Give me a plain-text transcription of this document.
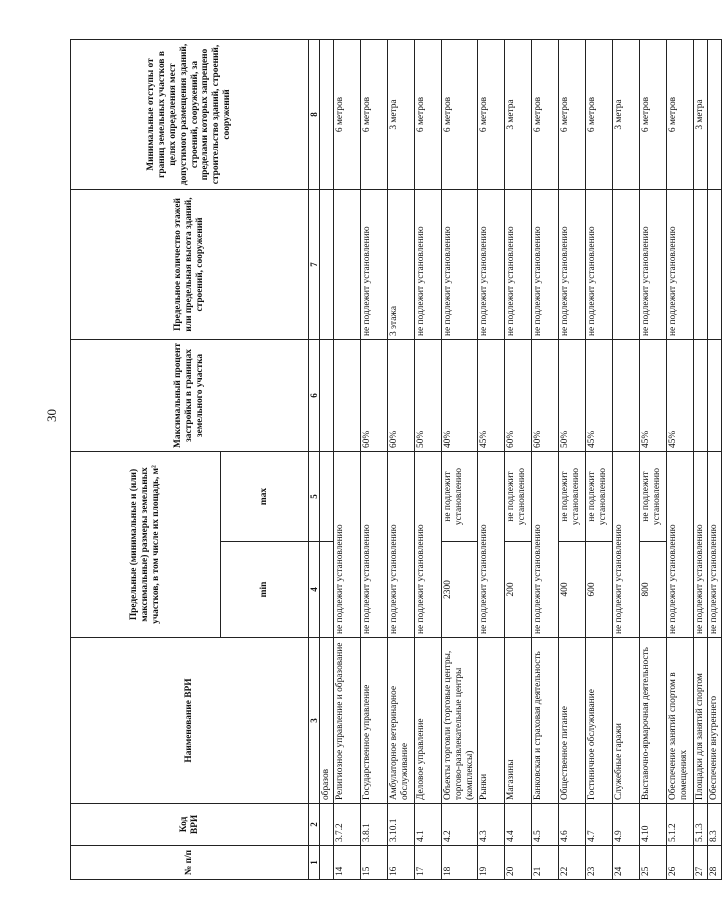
30
№ п/п	Код ВРИ	Наименование ВРИ	Предельные (минимальные и (или) максимальные) размеры земельных участков, в том числе их площадь, м²		Максимальный процент застройки в границах земельного участка	Предельное количество этажей или предельная высота зданий, строений, сооружений	Минимальные отступы от границ земельных участков в целях определения мест допустимого размещения зданий, строений, сооружений, за пределами которых запрещено строительство зданий, строений, сооружений
			min	max			
1	2	3	4	5	6	7	8
		образов					
14	3.7.2	Религиозное управление и образование	не подлежит установлению				6 метров
15	3.8.1	Государственное управление	не подлежит установлению		60%	не подлежит установлению	6 метров
16	3.10.1	Амбулаторное ветеринарное обслуживание	не подлежит установлению		60%	3 этажа	3 метра
17	4.1	Деловое управление	не подлежит установлению		50%	не подлежит установлению	6 метров
18	4.2	Объекты торговли (торговые центры, торгово-развлекательные центры (комплексы)	2300	не подлежит установлению	40%	не подлежит установлению	6 метров
19	4.3	Рынки	не подлежит установлению		45%	не подлежит установлению	6 метров
20	4.4	Магазины	200	не подлежит установлению	60%	не подлежит установлению	3 метра
21	4.5	Банковская и страховая деятельность	не подлежит установлению		60%	не подлежит установлению	6 метров
22	4.6	Общественное питание	400	не подлежит установлению	50%	не подлежит установлению	6 метров
23	4.7	Гостиничное обслуживание	600	не подлежит установлению	45%	не подлежит установлению	6 метров
24	4.9	Служебные гаражи	не подлежит установлению				3 метра
25	4.10	Выставочно-ярмарочная деятельность	800	не подлежит установлению	45%	не подлежит установлению	6 метров
26	5.1.2	Обеспечение занятий спортом в помещениях	не подлежит установлению		45%	не подлежит установлению	6 метров
27	5.1.3	Площадки для занятий спортом	не подлежит установлению				3 метра
28	8.3	Обеспечение внутреннего	не подлежит установлению				
